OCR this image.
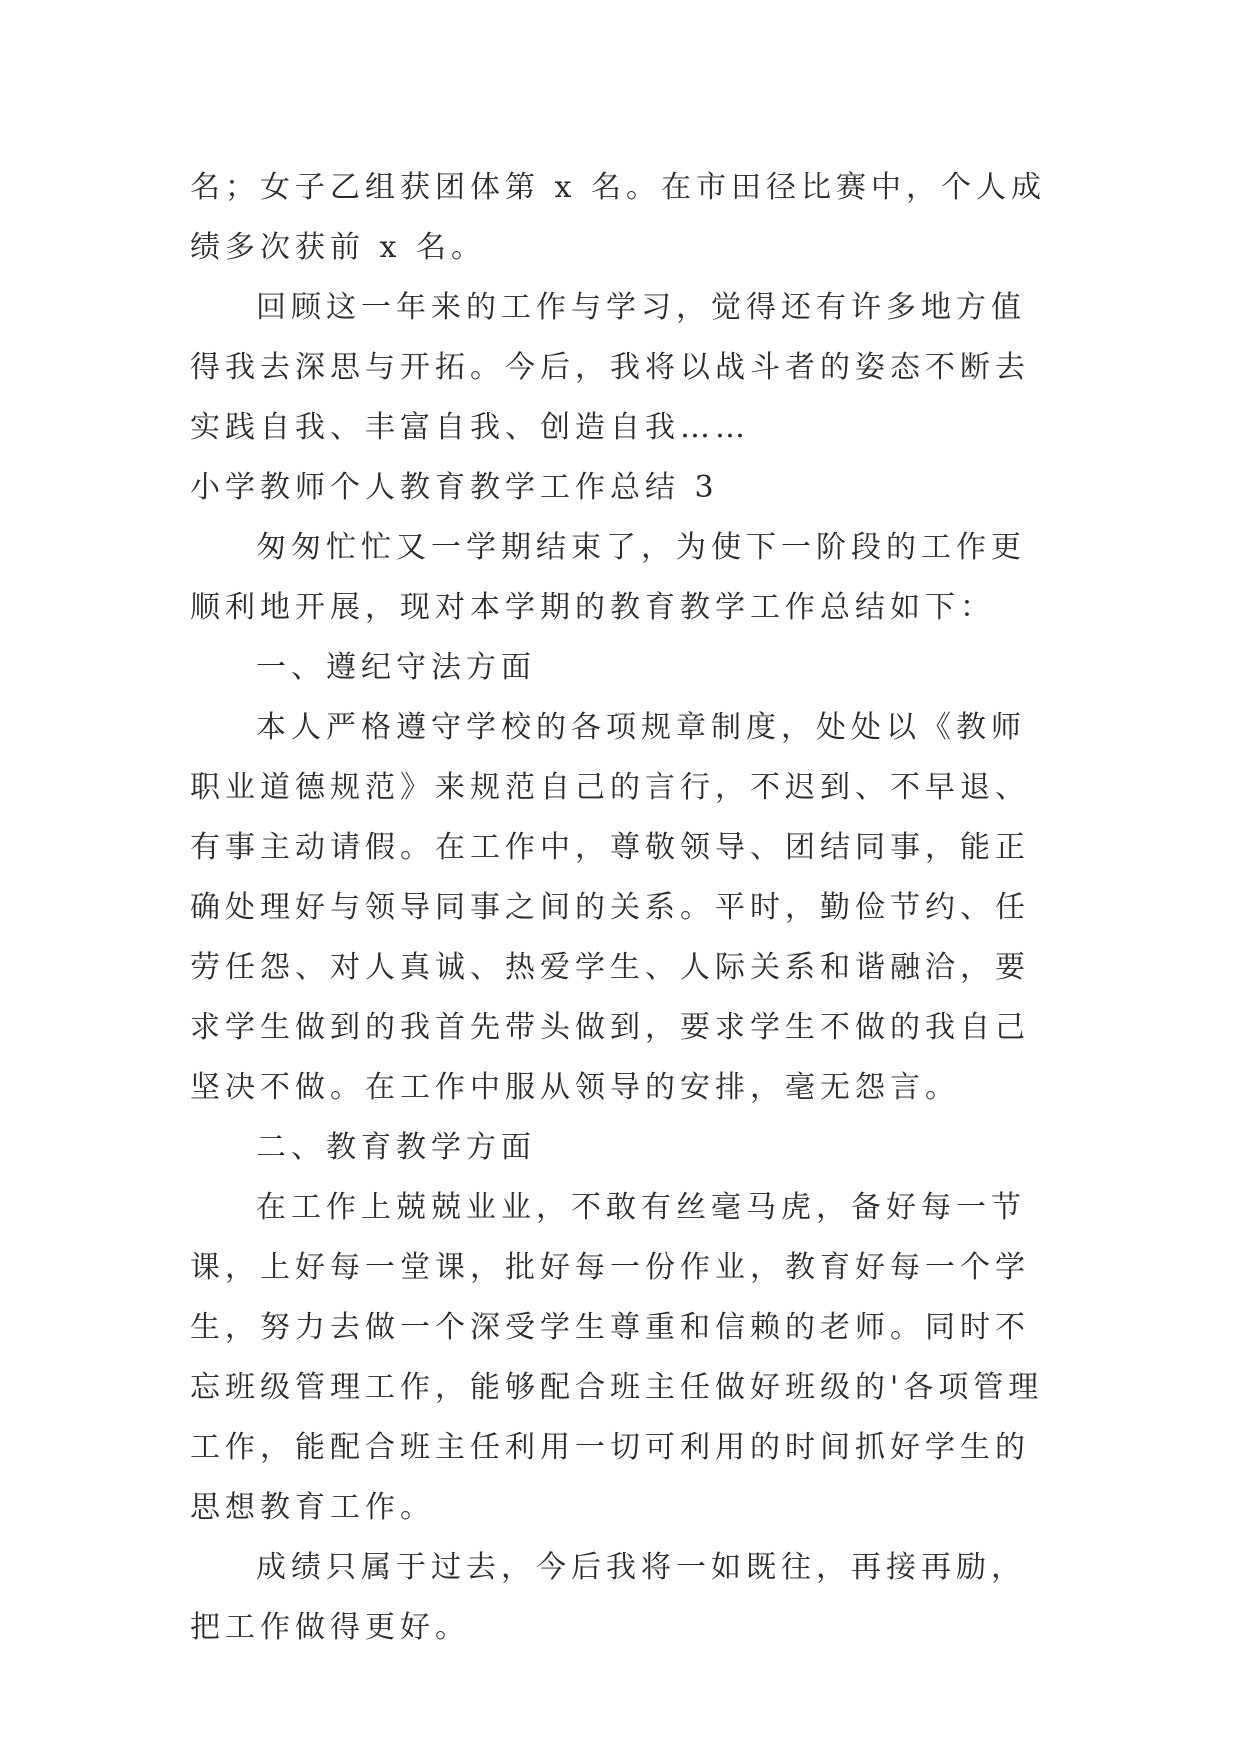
名；女子乙组获团体第 x 名。在市田径比赛中，个人成绩多次获前 x 名。

回顾这一年来的工作与学习，觉得还有许多地方值得我去深思与开拓。今后，我将以战斗者的姿态不断去实践自我、丰富自我、创造自我……

小学教师个人教育教学工作总结 3

匆匆忙忙又一学期结束了，为使下一阶段的工作更顺利地开展，现对本学期的教育教学工作总结如下：

一、遵纪守法方面

本人严格遵守学校的各项规章制度，处处以《教师职业道德规范》来规范自己的言行，不迟到、不早退、有事主动请假。在工作中，尊敬领导、团结同事，能正确处理好与领导同事之间的关系。平时，勤俭节约、任劳任怨、对人真诚、热爱学生、人际关系和谐融洽，要求学生做到的我首先带头做到，要求学生不做的我自己坚决不做。在工作中服从领导的安排，毫无怨言。

二、教育教学方面

在工作上兢兢业业，不敢有丝毫马虎，备好每一节课，上好每一堂课，批好每一份作业，教育好每一个学生，努力去做一个深受学生尊重和信赖的老师。同时不忘班级管理工作，能够配合班主任做好班级的'各项管理工作，能配合班主任利用一切可利用的时间抓好学生的思想教育工作。

成绩只属于过去，今后我将一如既往，再接再励，把工作做得更好。
